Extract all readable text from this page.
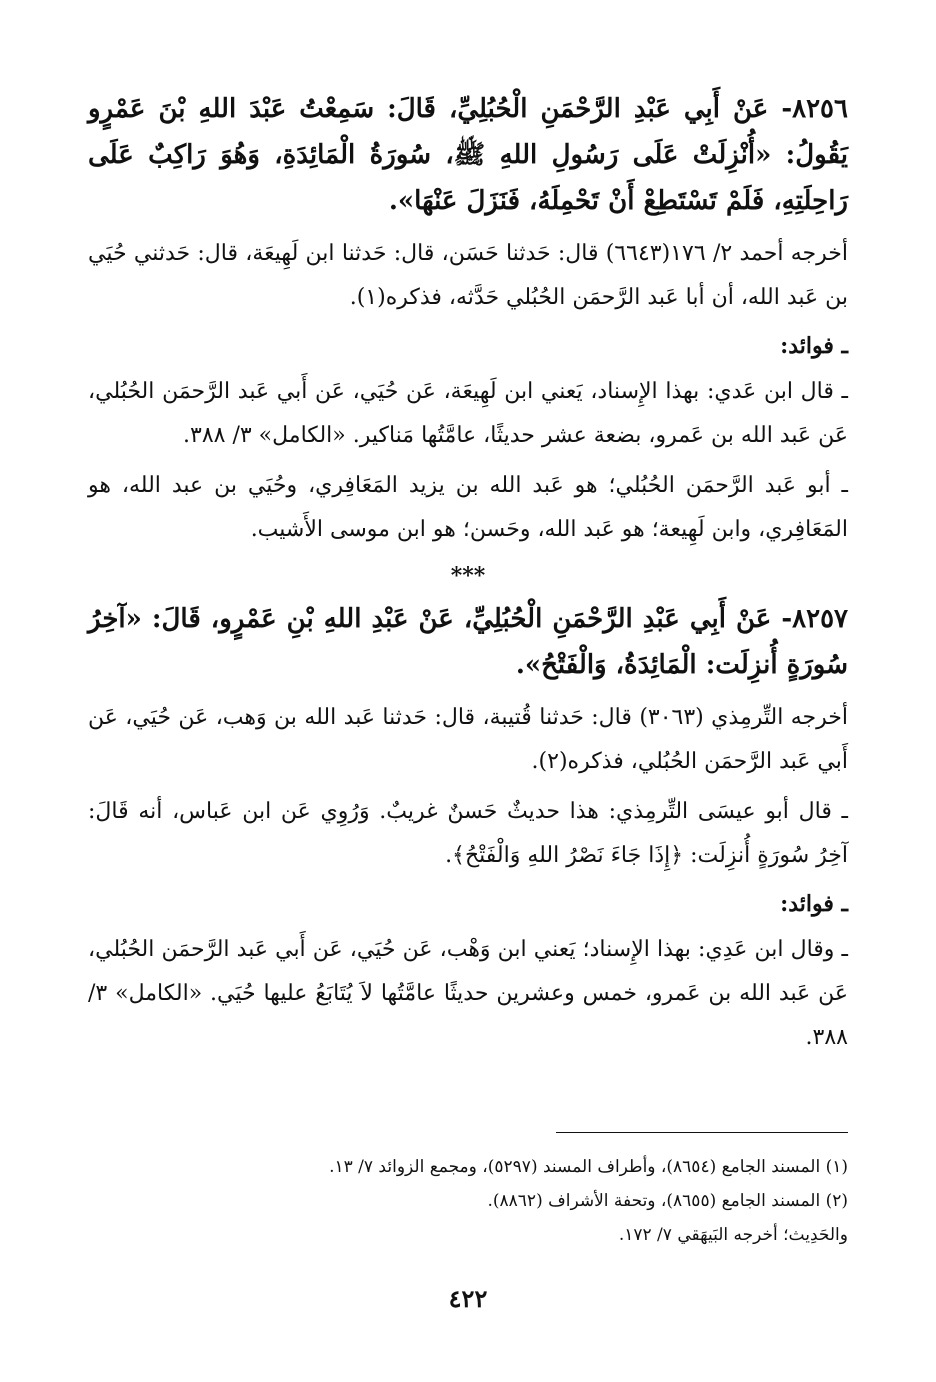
٨٢٥٦- عَنْ أَبِي عَبْدِ الرَّحْمَنِ الْحُبُلِيِّ، قَالَ: سَمِعْتُ عَبْدَ اللهِ بْنَ عَمْرٍو يَقُولُ: «أُنْزِلَتْ عَلَى رَسُولِ اللهِ ﷺ، سُورَةُ الْمَائِدَةِ، وَهُوَ رَاكِبٌ عَلَى رَاحِلَتِهِ، فَلَمْ تَسْتَطِعْ أَنْ تَحْمِلَهُ، فَنَزَلَ عَنْهَا».

أخرجه أحمد ٢/ ١٧٦(٦٦٤٣) قال: حَدثنا حَسَن، قال: حَدثنا ابن لَهِيعَة، قال: حَدثني حُيَي بن عَبد الله، أن أبا عَبد الرَّحمَن الحُبُلي حَدَّثه، فذكره(١).

ـ فوائد:

ـ قال ابن عَدي: بهذا الإِسناد، يَعني ابن لَهِيعَة، عَن حُيَي، عَن أَبي عَبد الرَّحمَن الحُبُلي، عَن عَبد الله بن عَمرو، بضعة عشر حديثًا، عامَّتُها مَناكير. «الكامل» ٣/ ٣٨٨.

ـ أبو عَبد الرَّحمَن الحُبُلي؛ هو عَبد الله بن يزيد المَعَافِري، وحُيَي بن عبد الله، هو المَعَافِري، وابن لَهِيعة؛ هو عَبد الله، وحَسن؛ هو ابن موسى الأَشيب.

***

٨٢٥٧- عَنْ أَبِي عَبْدِ الرَّحْمَنِ الْحُبُلِيِّ، عَنْ عَبْدِ اللهِ بْنِ عَمْرٍو، قَالَ: «آخِرُ سُورَةٍ أُنزِلَت: الْمَائِدَةُ، وَالْفَتْحُ».

أخرجه التِّرمِذي (٣٠٦٣) قال: حَدثنا قُتيبة، قال: حَدثنا عَبد الله بن وَهب، عَن حُيَي، عَن أَبي عَبد الرَّحمَن الحُبُلي، فذكره(٢).

ـ قال أبو عيسَى التِّرمِذي: هذا حديثٌ حَسنٌ غريبٌ. وَرُوِي عَن ابن عَباس، أنه قَالَ: آخِرُ سُورَةٍ أُنزِلَت: ﴿إِذَا جَاءَ نَصْرُ اللهِ وَالْفَتْحُ﴾.

ـ فوائد:

ـ وقال ابن عَدِي: بهذا الإِسناد؛ يَعني ابن وَهْب، عَن حُيَي، عَن أَبي عَبد الرَّحمَن الحُبُلي، عَن عَبد الله بن عَمرو، خمس وعشرين حديثًا عامَّتُها لاَ يُتَابَعُ عليها حُيَي. «الكامل» ٣/ ٣٨٨.

(١) المسند الجامع (٨٦٥٤)، وأطراف المسند (٥٢٩٧)، ومجمع الزوائد ٧/ ١٣.
(٢) المسند الجامع (٨٦٥٥)، وتحفة الأشراف (٨٨٦٢).
والحَدِيث؛ أخرجه البَيهَقي ٧/ ١٧٢.
٤٢٢
